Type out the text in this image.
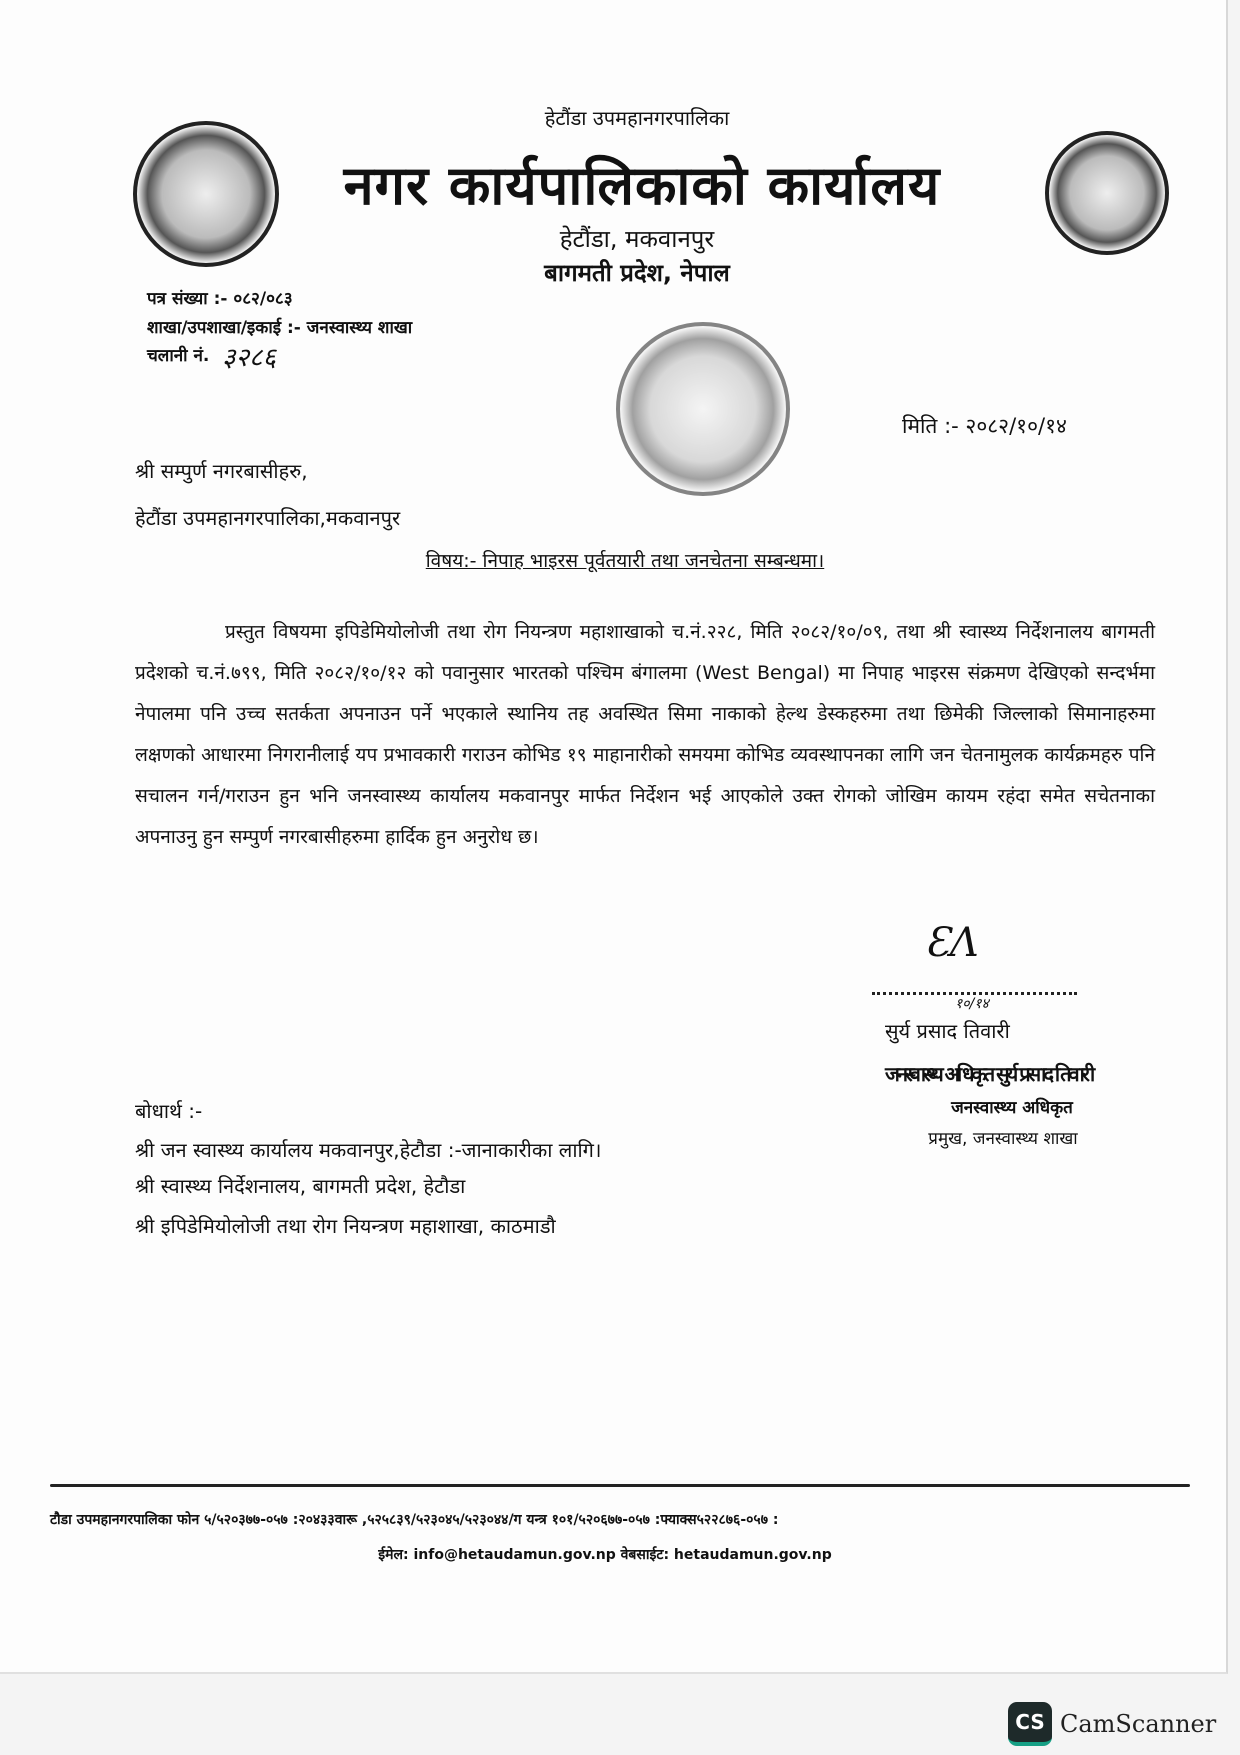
हेटौंडा उपमहानगरपालिका
नगर कार्यपालिकाको कार्यालय
हेटौंडा, मकवानपुर
बागमती प्रदेश, नेपाल
पत्र संख्या :- ०८२/०८३
शाखा/उपशाखा/इकाई :- जनस्वास्थ्य शाखा
चलानी नं. ३२८६
मिति :- २०८२/१०/१४
श्री सम्पुर्ण नगरबासीहरु,
हेटौंडा उपमहानगरपालिका,मकवानपुर
विषय:- निपाह भाइरस पूर्वतयारी तथा जनचेतना सम्बन्धमा।
प्रस्तुत विषयमा इपिडेमियोलोजी तथा रोग नियन्त्रण महाशाखाको च.नं.२२८, मिति २०८२/१०/०९, तथा श्री स्वास्थ्य निर्देशनालय बागमती प्रदेशको च.नं.७९९, मिति २०८२/१०/१२ को पवानुसार भारतको पश्चिम बंगालमा (West Bengal) मा निपाह भाइरस संक्रमण देखिएको सन्दर्भमा नेपालमा पनि उच्च सतर्कता अपनाउन पर्ने भएकाले स्थानिय तह अवस्थित सिमा नाकाको हेल्थ डेस्कहरुमा तथा छिमेकी जिल्लाको सिमानाहरुमा लक्षणको आधारमा निगरानीलाई यप प्रभावकारी गराउन कोभिड १९ माहानारीको समयमा कोभिड व्यवस्थापनका लागि जन चेतनामुलक कार्यक्रमहरु पनि सचालन गर्न/गराउन हुन भनि जनस्वास्थ्य कार्यालय मकवानपुर मार्फत निर्देशन भई आएकोले उक्त रोगको जोखिम कायम रहंदा समेत सचेतनाका अपनाउनु हुन सम्पुर्ण नगरबासीहरुमा हार्दिक हुन अनुरोध छ।
ƐΛ
१०/१४
सुर्य प्रसाद तिवारी
जनस्वास्थ्य अधिकृत सुर्य प्रसाद तिवारी
जनस्वास्थ्य अधिकृत
प्रमुख, जनस्वास्थ्य शाखा
बोधार्थ :-
श्री जन स्वास्थ्य कार्यालय मकवानपुर,हेटौडा :-जानाकारीका लागि।
श्री स्वास्थ्य निर्देशनालय, बागमती प्रदेश, हेटौडा
श्री इपिडेमियोलोजी तथा रोग नियन्त्रण महाशाखा, काठमाडौ
टौडा उपमहानगरपालिका फोन ५/५२०३७७-०५७ :२०४३३वारू ,५२५८३९/५२३०४५/५२३०४४/ग यन्त्र १०१/५२०६७७-०५७ :फ्याक्स५२२८७६-०५७ :
ईमेल: info@hetaudamun.gov.np वेबसाईट: hetaudamun.gov.np
CS CamScanner
